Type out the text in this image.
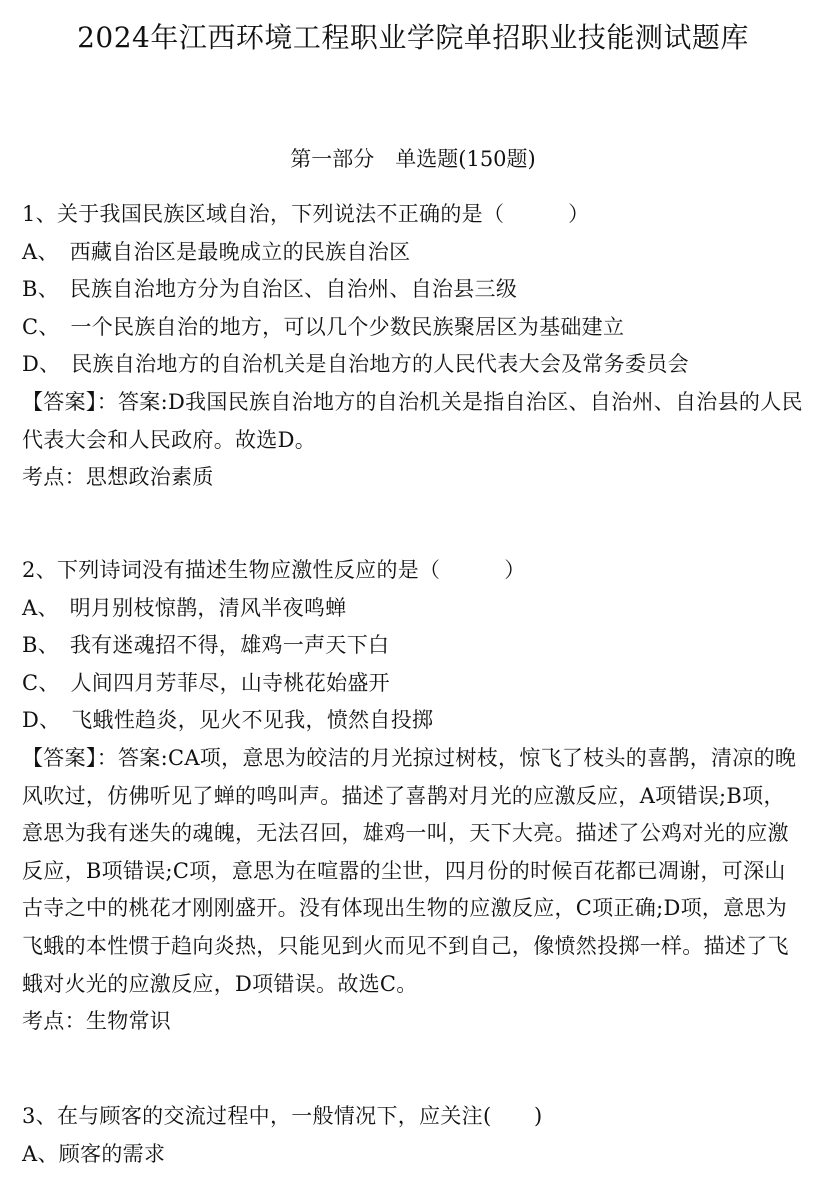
2024年江西环境工程职业学院单招职业技能测试题库
第一部分　单选题(150题)
1、关于我国民族区域自治，下列说法不正确的是（　　　）
A、　西藏自治区是最晚成立的民族自治区
B、　民族自治地方分为自治区、自治州、自治县三级
C、　一个民族自治的地方，可以几个少数民族聚居区为基础建立
D、　民族自治地方的自治机关是自治地方的人民代表大会及常务委员会
【答案】：答案:D我国民族自治地方的自治机关是指自治区、自治州、自治县的人民代表大会和人民政府。故选D。
考点：思想政治素质
2、下列诗词没有描述生物应激性反应的是（　　　）
A、　明月别枝惊鹊，清风半夜鸣蝉
B、　我有迷魂招不得，雄鸡一声天下白
C、　人间四月芳菲尽，山寺桃花始盛开
D、　飞蛾性趋炎，见火不见我，愤然自投掷
【答案】：答案:CA项，意思为皎洁的月光掠过树枝，惊飞了枝头的喜鹊，清凉的晚风吹过，仿佛听见了蝉的鸣叫声。描述了喜鹊对月光的应激反应，A项错误;B项，意思为我有迷失的魂魄，无法召回，雄鸡一叫，天下大亮。描述了公鸡对光的应激反应，B项错误;C项，意思为在喧嚣的尘世，四月份的时候百花都已凋谢，可深山古寺之中的桃花才刚刚盛开。没有体现出生物的应激反应，C项正确;D项，意思为飞蛾的本性惯于趋向炎热，只能见到火而见不到自己，像愤然投掷一样。描述了飞蛾对火光的应激反应，D项错误。故选C。
考点：生物常识
3、在与顾客的交流过程中，一般情况下，应关注(　　)
A、顾客的需求
